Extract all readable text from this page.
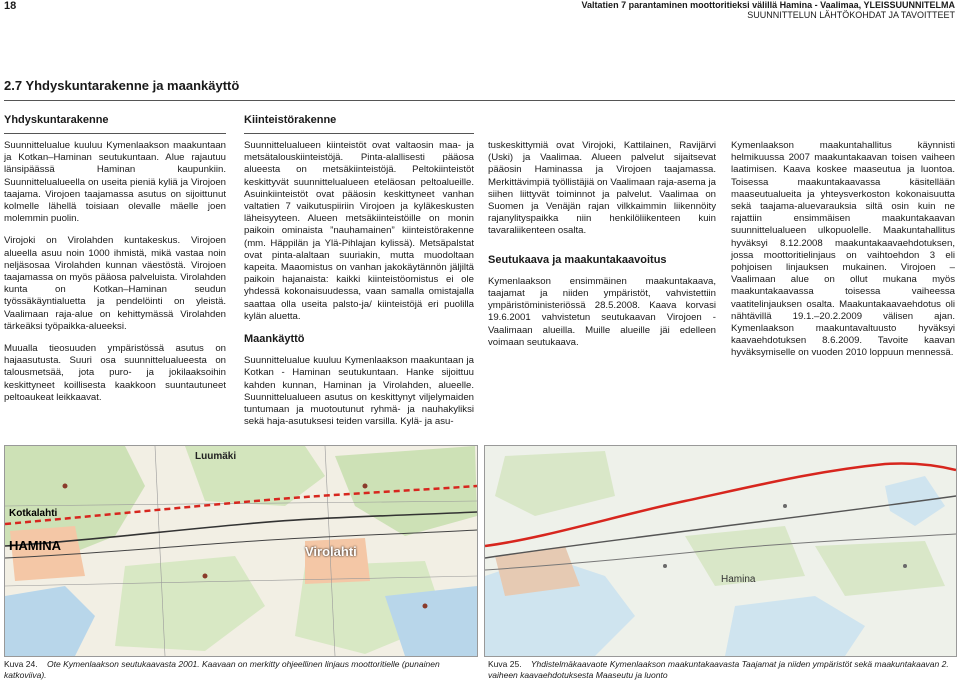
18	Valtatien 7 parantaminen moottoritieksi välillä Hamina - Vaalimaa, YLEISSUUNNITELMA
SUUNNITTELUN LÄHTÖKOHDAT JA TAVOITTEET
2.7 Yhdyskuntarakenne ja maankäyttö
Yhdyskuntarakenne

Suunnittelualue kuuluu Kymenlaakson maakuntaan ja Kotkan–Haminan seutukuntaan. Alue rajautuu länsipäässä Haminan kaupunkiin. Suunnittelualueella on useita pieniä kyliä ja Virojoen taajama. Virojoen taajamassa asutus on sijoittunut kolmelle lähellä toisiaan olevalle mäelle joen molemmin puolin.

Virojoki on Virolahden kuntakeskus. Virojoen alueella asuu noin 1000 ihmistä, mikä vastaa noin neljäsosaa Virolahden kunnan väestöstä. Virojoen taajamassa on myös pääosa palveluista. Virolahden kunta on Kotkan–Haminan seudun työssäkäyntialuetta ja pendelöinti on yleistä. Vaalimaan raja-alue on kehittymässä Virolahden tärkeäksi työpaikka-alueeksi.

Muualla tieosuuden ympäristössä asutus on hajaasutusta. Suuri osa suunnittelualueesta on talousmetsää, jota puro- ja jokilaaksoihin keskittyneet koillisesta kaakkoon suuntautuneet peltoaukeat leikkaavat.

Kiinteistörakenne

Suunnittelualueen kiinteistöt ovat valtaosin maa- ja metsätalouskiinteistöjä. Pinta-alallisesti pääosa alueesta on metsäkiinteistöjä. Peltokiinteistöt keskittyvät suunnittelualueen eteläosan peltoalueille. Asuinkiinteistöt ovat pääosin keskittyneet vanhan valtatien 7 vaikutuspiiriin Virojoen ja kyläkeskusten läheisyyteen. Alueen metsäkiinteistöille on monin paikoin ominaista ”nauhamainen” kiinteistörakenne (mm. Häppilän ja Ylä-Pihlajan kylissä). Metsäpalstat ovat pinta-alaltaan suuriakin, mutta muodoltaan kapeita. Maaomistus on vanhan jakokäytännön jäljiltä paikoin hajanaista: kaikki kiinteistöomistus ei ole yhdessä kokonaisuudessa, vaan samalla omistajalla saattaa olla useita palsto-ja/ kiinteistöjä eri puolilla kylän aluetta.

Maankäyttö

Suunnittelualue kuuluu Kymenlaakson maakuntaan ja Kotkan - Haminan seutukuntaan. Hanke sijoittuu kahden kunnan, Haminan ja Virolahden, alueelle. Suunnittelualueen asutus on keskittynyt viljelymaiden tuntumaan ja muotoutunut ryhmä- ja nauhakyliksi sekä haja-asutuksesi teiden varsilla. Kylä- ja asu-

tuskeskittymiä ovat Virojoki, Kattilainen, Ravijärvi (Uski) ja Vaalimaa. Alueen palvelut sijaitsevat pääosin Haminassa ja Virojoen taajamassa. Merkittävimpiä työllistäjiä on Vaalimaan raja-asema ja siihen liittyvät toiminnot ja palvelut. Vaalimaa on Suomen ja Venäjän rajan vilkkaimmin liikennöity rajanylityspaikka niin henkilöliikenteen kuin tavaraliikenteen osalta.

Seutukaava ja maakuntakaavoitus

Kymenlaakson ensimmäinen maakuntakaava, taajamat ja niiden ympäristöt, vahvistettiin ympäristöministeriössä 28.5.2008. Kaava korvasi 19.6.2001 vahvistetun seutukaavan Virojoen - Vaalimaan alueilla. Muille alueille jäi edelleen voimaan seutukaava.

Kymenlaakson maakuntahallitus käynnisti helmikuussa 2007 maakuntakaavan toisen vaiheen laatimisen. Kaava koskee maaseutua ja luontoa. Toisessa maakuntakaavassa käsitellään maaseutualueita ja yhteysverkoston kokonaisuutta sekä taajama-aluevarauksia siltä osin kuin ne rajattiin ensimmäisen maakuntakaavan suunnittelualueen ulkopuolelle. Maakuntahallitus hyväksyi 8.12.2008 maakuntakaavaehdotuksen, jossa moottoritielinjaus on vaihtoehdon 3 eli pohjoisen linjauksen mukainen. Virojoen – Vaalimaan alue on ollut mukana myös maakuntakaavassa toisessa vaiheessa vaatitelinjauksen osalta. Maakuntakaavaehdotus oli nähtävillä 19.1.–20.2.2009 välisen ajan. Kymenlaakson maakuntavaltuusto hyväksyi kaavaehdotuksen 8.6.2009. Tavoite kaavan hyväksymiselle on vuoden 2010 loppuun mennessä.

Luumäki
Kotkalahti
HAMINA	Virolahti
Hamina
Kuva 24. Ote Kymenlaakson seutukaavasta 2001. Kaavaan on merkitty ohjeellinen linjaus moottoritielle (punainen katkoviiva).
Kuva 25. Yhdistelmäkaavaote Kymenlaakson maakuntakaavasta Taajamat ja niiden ympäristöt sekä maakuntakaavan 2. vaiheen kaavaehdotuksesta Maaseutu ja luonto
